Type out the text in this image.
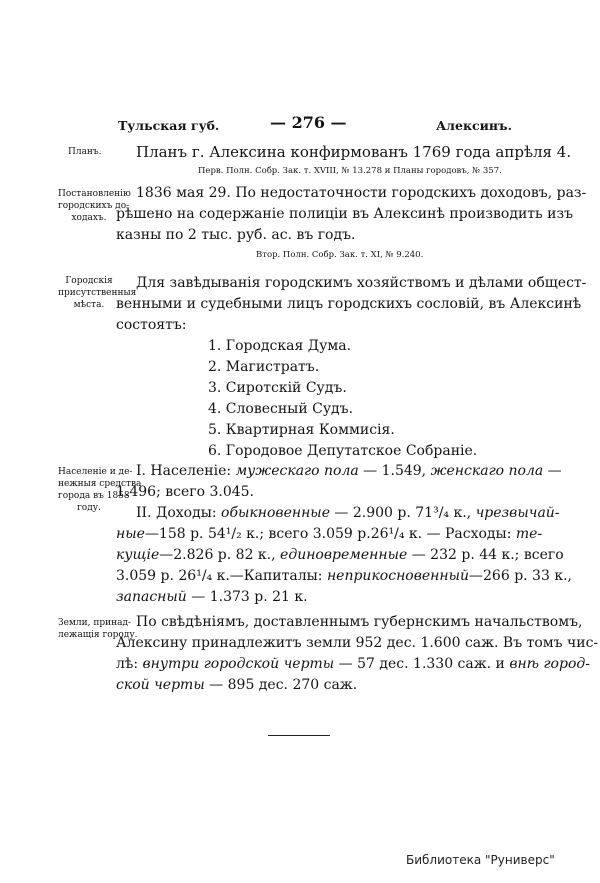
Тульская губ.	— 276 —	Алексинъ.
Планъ.	Планъ г. Алексина конфирмованъ 1769 года апрѣля 4.
Перв. Полн. Собр. Зак. т. XVIII, № 13.278 и Планы городовъ, № 357.
Постановленію
городскихъ до-
ходахъ.
1836 мая 29. По недостаточности городскихъ доходовъ, раз-
рѣшено на содержаніе полиціи въ Алексинѣ производить изъ
казны по 2 тыс. руб. ас. въ годъ.
Втор. Полн. Собр. Зак. т. XI, № 9.240.
Городскія
присутственныя
мѣста.
Для завѣдыванія городскимъ хозяйствомъ и дѣлами общест-
венными и судебными лицъ городскихъ сословій, въ Алексинѣ
состоятъ:
1. Городская Дума.
2. Магистратъ.
3. Сиротскій Судъ.
4. Словесный Судъ.
5. Квартирная Коммисія.
6. Городовое Депутатское Собраніе.
Населеніе и де-
нежныя средства
города въ 1858
году.
I. Населеніе: мужескаго пола — 1.549, женскаго пола —
1.496; всего 3.045.
II. Доходы: обыкновенные — 2.900 р. 71³/₄ к., чрезвычай-
ные—158 р. 54¹/₂ к.; всего 3.059 р.26¹/₄ к. — Расходы: те-
кущіе—2.826 р. 82 к., единовременные — 232 р. 44 к.; всего
3.059 р. 26¹/₄ к.—Капиталы: неприкосновенный—266 р. 33 к.,
запасный — 1.373 р. 21 к.
Земли, принад-
лежащія городу.
По свѣдѣніямъ, доставленнымъ губернскимъ начальствомъ,
Алексину принадлежитъ земли 952 дес. 1.600 саж. Въ томъ чис-
лѣ: внутри городской черты — 57 дес. 1.330 саж. и внѣ город-
ской черты — 895 дес. 270 саж.
Библиотека "Руниверс"
